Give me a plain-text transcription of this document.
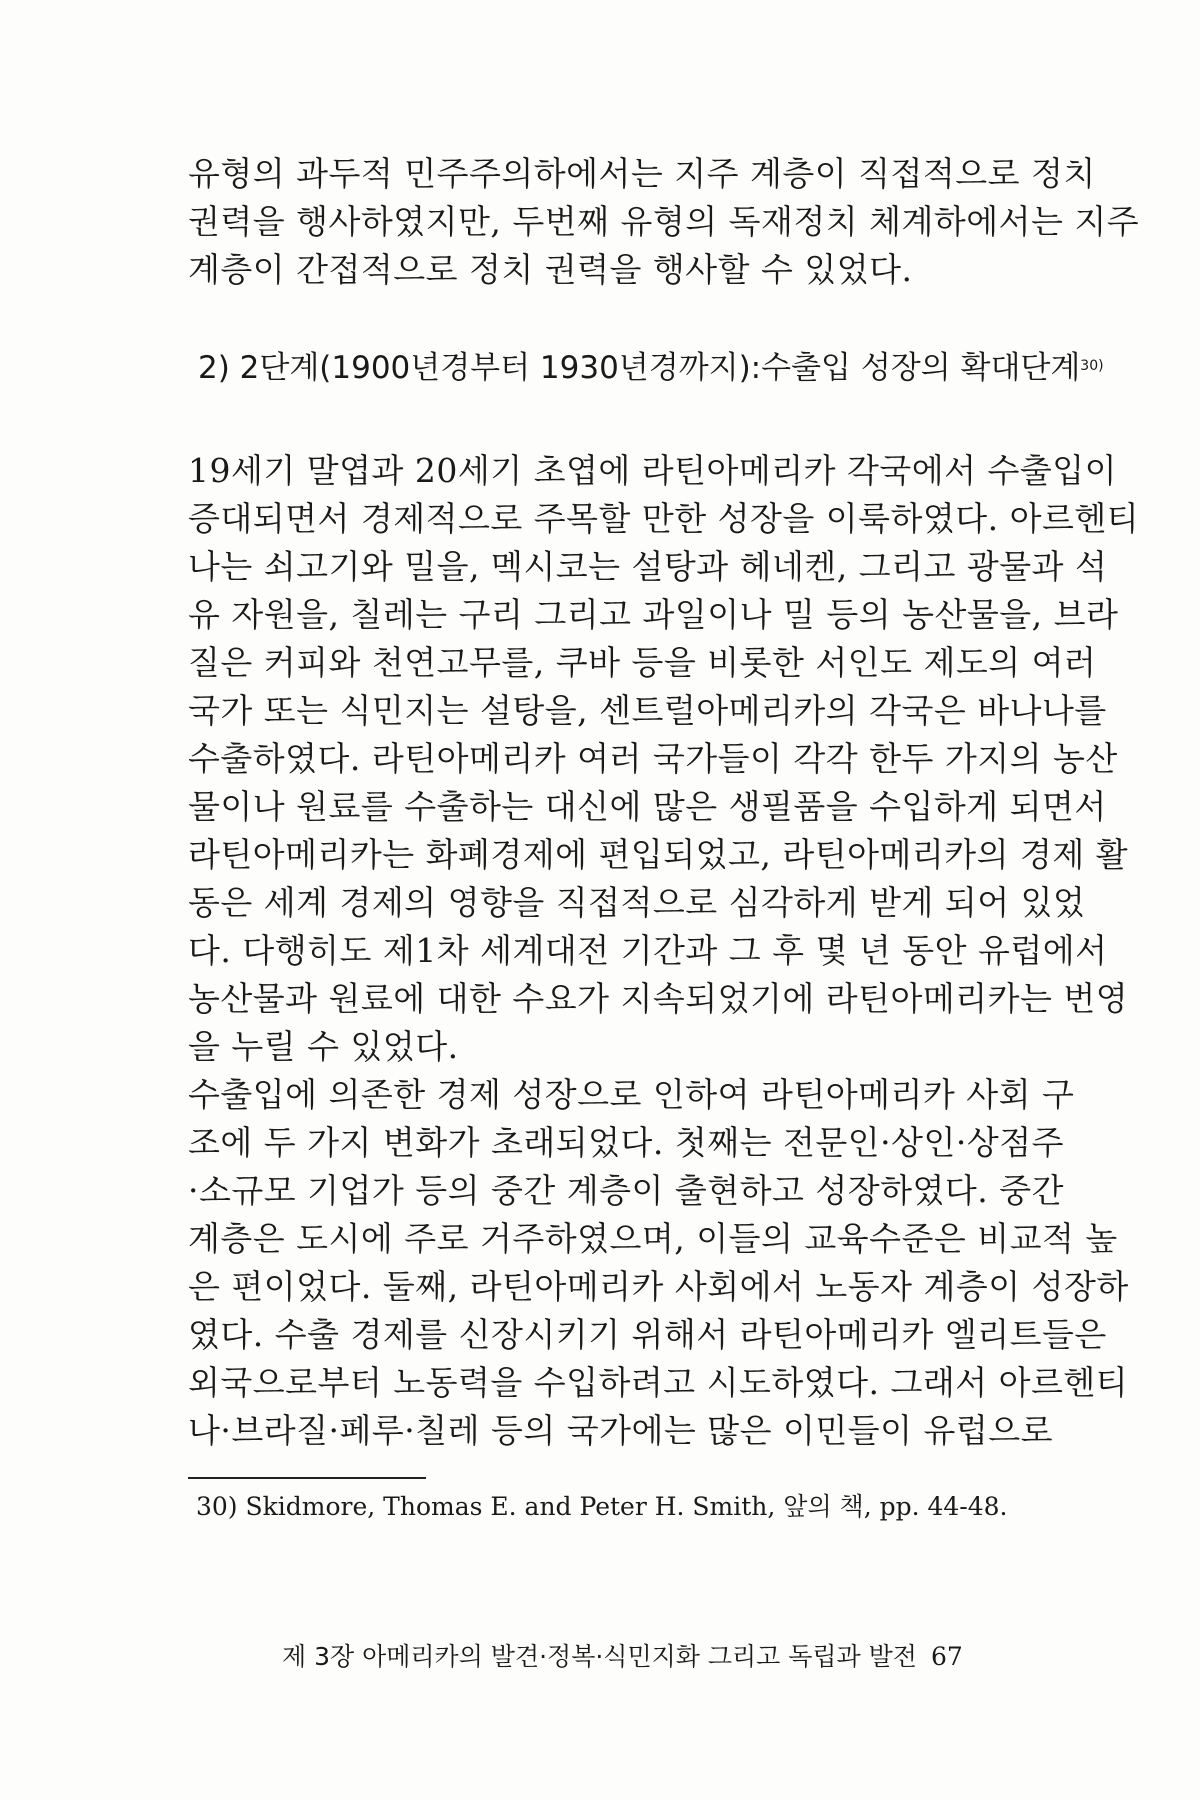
유형의 과두적 민주주의하에서는 지주 계층이 직접적으로 정치
권력을 행사하였지만, 두번째 유형의 독재정치 체계하에서는 지주
계층이 간접적으로 정치 권력을 행사할 수 있었다.
2) 2단계(1900년경부터 1930년경까지):수출입 성장의 확대단계$^{30)}$
19세기 말엽과 20세기 초엽에 라틴아메리카 각국에서 수출입이
증대되면서 경제적으로 주목할 만한 성장을 이룩하였다. 아르헨티
나는 쇠고기와 밀을, 멕시코는 설탕과 헤네켄, 그리고 광물과 석
유 자원을, 칠레는 구리 그리고 과일이나 밀 등의 농산물을, 브라
질은 커피와 천연고무를, 쿠바 등을 비롯한 서인도 제도의 여러
국가 또는 식민지는 설탕을, 센트럴아메리카의 각국은 바나나를
수출하였다. 라틴아메리카 여러 국가들이 각각 한두 가지의 농산
물이나 원료를 수출하는 대신에 많은 생필품을 수입하게 되면서
라틴아메리카는 화폐경제에 편입되었고, 라틴아메리카의 경제 활
동은 세계 경제의 영향을 직접적으로 심각하게 받게 되어 있었
다. 다행히도 제1차 세계대전 기간과 그 후 몇 년 동안 유럽에서
농산물과 원료에 대한 수요가 지속되었기에 라틴아메리카는 번영
을 누릴 수 있었다.
수출입에 의존한 경제 성장으로 인하여 라틴아메리카 사회 구
조에 두 가지 변화가 초래되었다. 첫째는 전문인·상인·상점주
·소규모 기업가 등의 중간 계층이 출현하고 성장하였다. 중간
계층은 도시에 주로 거주하였으며, 이들의 교육수준은 비교적 높
은 편이었다. 둘째, 라틴아메리카 사회에서 노동자 계층이 성장하
였다. 수출 경제를 신장시키기 위해서 라틴아메리카 엘리트들은
외국으로부터 노동력을 수입하려고 시도하였다. 그래서 아르헨티
나·브라질·페루·칠레 등의 국가에는 많은 이민들이 유럽으로
30) Skidmore, Thomas E. and Peter H. Smith, 앞의 책, pp. 44-48.
제 3장 아메리카의 발견·정복·식민지화 그리고 독립과 발전 67
